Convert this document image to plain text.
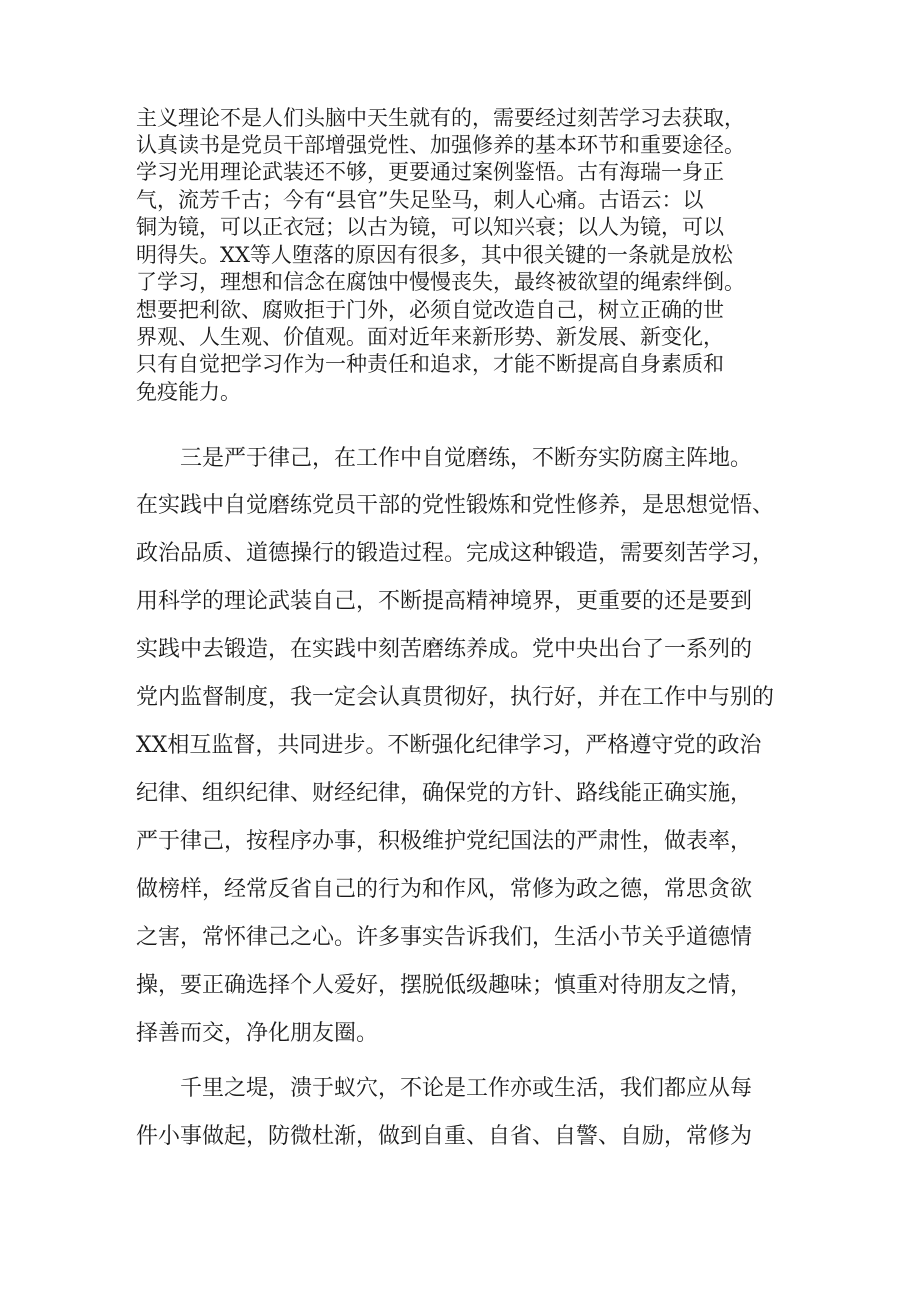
主义理论不是人们头脑中天生就有的，需要经过刻苦学习去获取，

认真读书是党员干部增强党性、加强修养的基本环节和重要途径。

学习光用理论武装还不够，更要通过案例鉴悟。古有海瑞一身正

气，流芳千古；今有“县官”失足坠马，刺人心痛。古语云：以

铜为镜，可以正衣冠；以古为镜，可以知兴衰；以人为镜，可以

明得失。XX等人堕落的原因有很多，其中很关键的一条就是放松

了学习，理想和信念在腐蚀中慢慢丧失，最终被欲望的绳索绊倒。

想要把利欲、腐败拒于门外，必须自觉改造自己，树立正确的世

界观、人生观、价值观。面对近年来新形势、新发展、新变化，

只有自觉把学习作为一种责任和追求，才能不断提高自身素质和

免疫能力。

　　三是严于律己，在工作中自觉磨练，不断夯实防腐主阵地。

在实践中自觉磨练党员干部的党性锻炼和党性修养，是思想觉悟、

政治品质、道德操行的锻造过程。完成这种锻造，需要刻苦学习，

用科学的理论武装自己，不断提高精神境界，更重要的还是要到

实践中去锻造，在实践中刻苦磨练养成。党中央出台了一系列的

党内监督制度，我一定会认真贯彻好，执行好，并在工作中与别的

XX相互监督，共同进步。不断强化纪律学习，严格遵守党的政治

纪律、组织纪律、财经纪律，确保党的方针、路线能正确实施，

严于律己，按程序办事，积极维护党纪国法的严肃性，做表率，

做榜样，经常反省自己的行为和作风，常修为政之德，常思贪欲

之害，常怀律己之心。许多事实告诉我们，生活小节关乎道德情

操，要正确选择个人爱好，摆脱低级趣味；慎重对待朋友之情，

择善而交，净化朋友圈。

　　千里之堤，溃于蚁穴，不论是工作亦或生活，我们都应从每

件小事做起，防微杜渐，做到自重、自省、自警、自励，常修为
